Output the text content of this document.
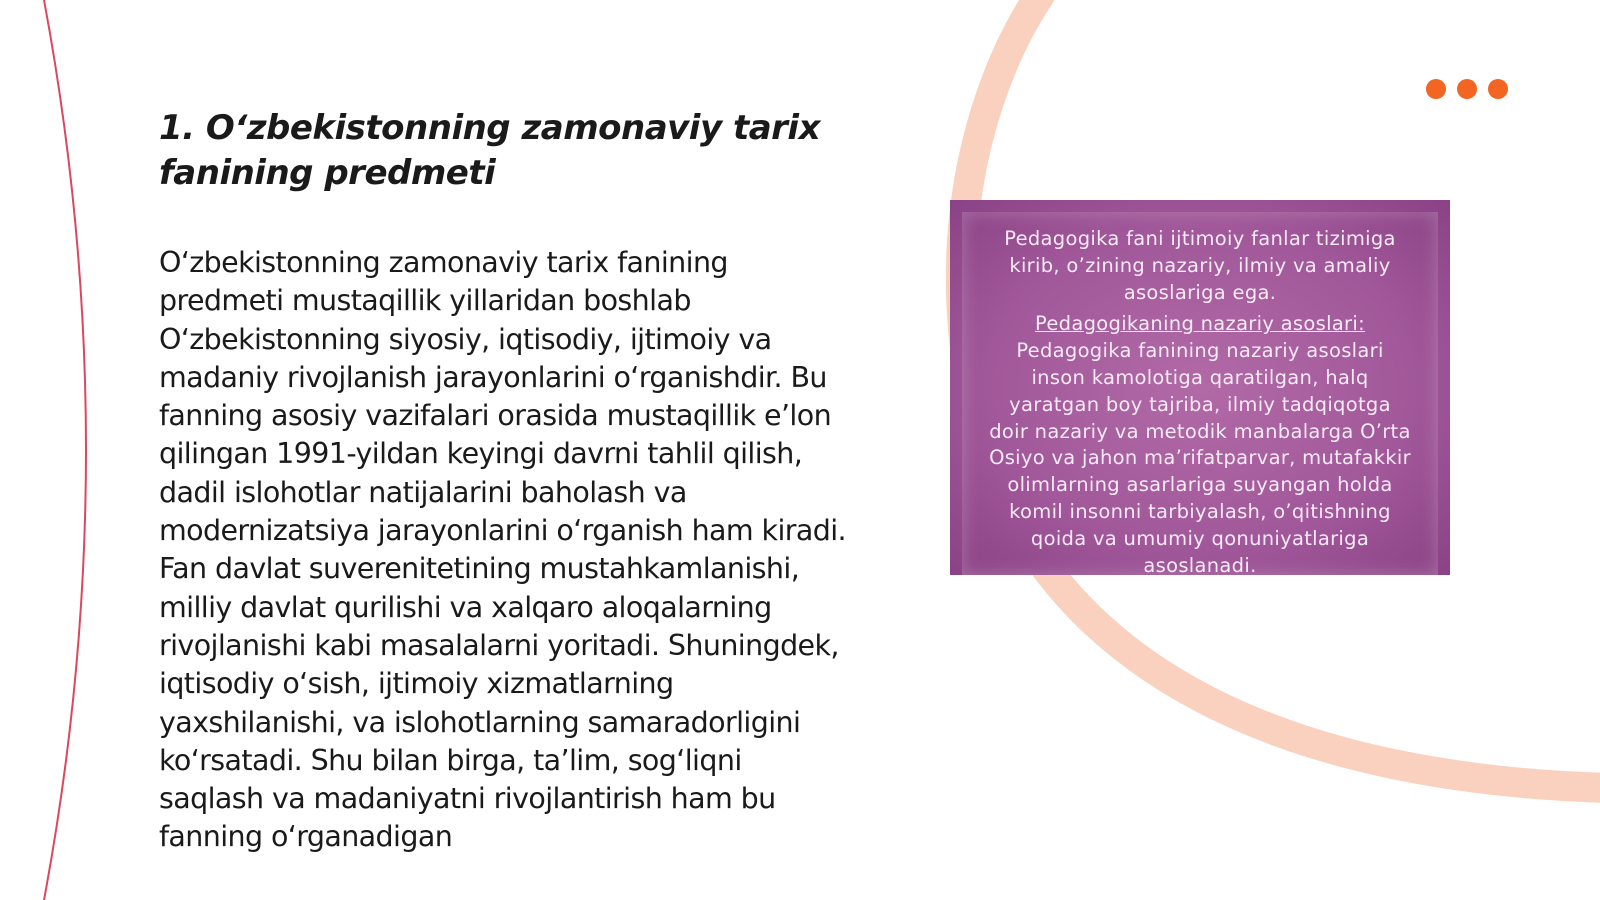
1. O‘zbekistonning zamonaviy tarix fanining predmeti

O‘zbekistonning zamonaviy tarix fanining predmeti mustaqillik yillaridan boshlab O‘zbekistonning siyosiy, iqtisodiy, ijtimoiy va madaniy rivojlanish jarayonlarini o‘rganishdir. Bu fanning asosiy vazifalari orasida mustaqillik e’lon qilingan 1991-yildan keyingi davrni tahlil qilish, dadil islohotlar natijalarini baholash va modernizatsiya jarayonlarini o‘rganish ham kiradi. Fan davlat suverenitetining mustahkamlanishi, milliy davlat qurilishi va xalqaro aloqalarning rivojlanishi kabi masalalarni yoritadi. Shuningdek, iqtisodiy o‘sish, ijtimoiy xizmatlarning yaxshilanishi, va islohotlarning samaradorligini ko‘rsatadi. Shu bilan birga, ta’lim, sog‘liqni saqlash va madaniyatni rivojlantirish ham bu fanning o‘rganadigan

Pedagogika fani ijtimoiy fanlar tizimiga kirib, o’zining nazariy, ilmiy va amaliy asoslariga ega.

Pedagogikaning nazariy asoslari:

Pedagogika fanining nazariy asoslari inson kamolotiga qaratilgan, halq yaratgan boy tajriba, ilmiy tadqiqotga doir nazariy va metodik manbalarga O’rta Osiyo va jahon ma’rifatparvar, mutafakkir olimlarning asarlariga suyangan holda komil insonni tarbiyalash, o’qitishning qoida va umumiy qonuniyatlariga asoslanadi.
